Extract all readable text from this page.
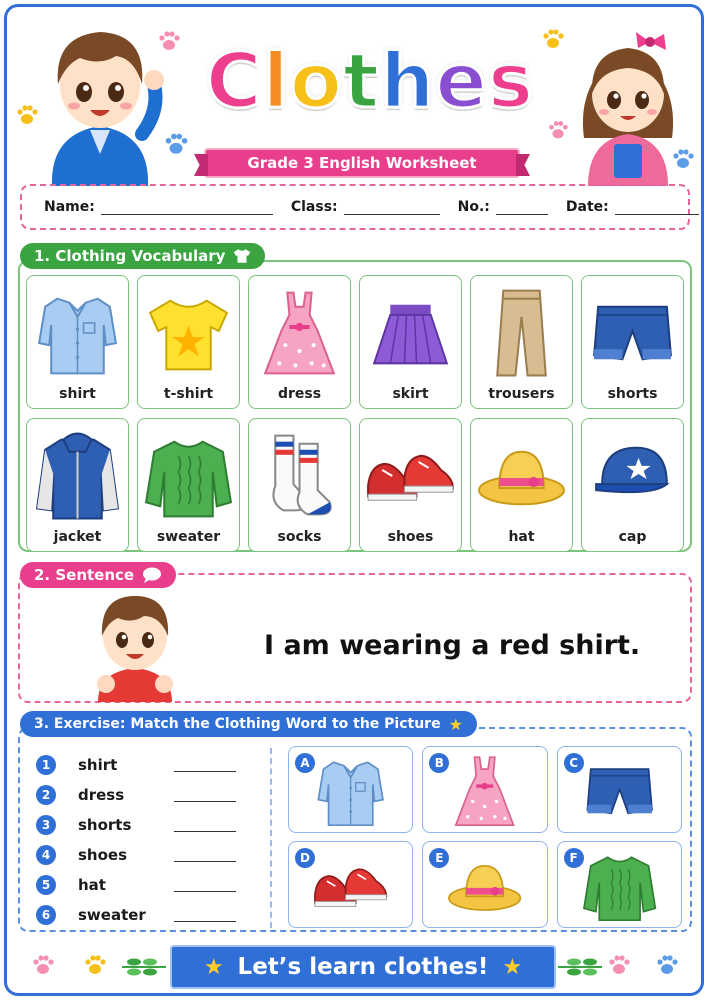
C l o t h e s
Grade 3 English Worksheet
Name:	Class:	No.:	Date:
1. Clothing Vocabulary
shirt	t-shirt	dress	skirt	trousers	shorts
jacket	sweater	socks	shoes	hat	cap
2. Sentence
I am wearing a red shirt.
3. Exercise: Match the Clothing Word to the Picture ★
1	shirt
2	dress
3	shorts
4	shoes
5	hat
6	sweater
A	B	C
D	E	F
★ Let’s learn clothes! ★
